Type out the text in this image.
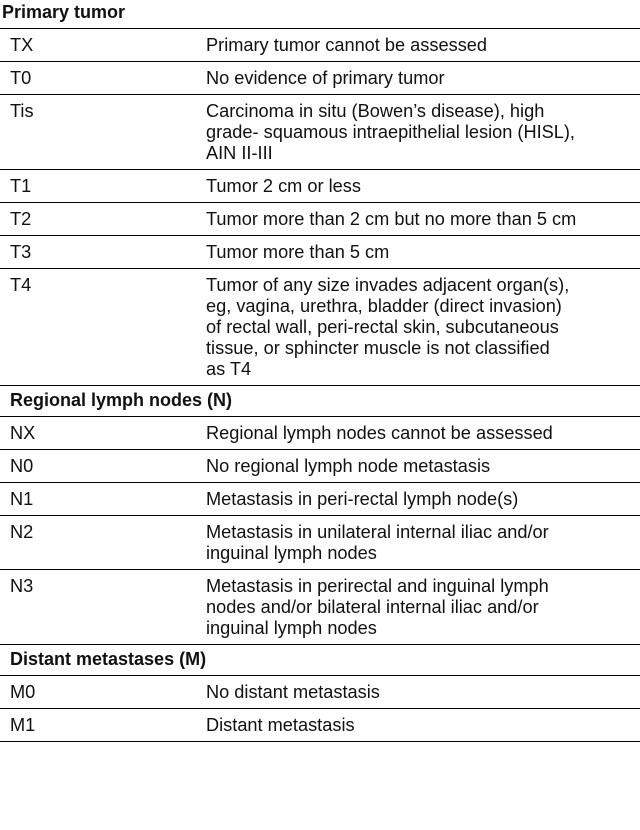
Primary tumor	
TX	Primary tumor cannot be assessed
T0	No evidence of primary tumor
Tis	Carcinoma in situ (Bowen’s disease), high
grade- squamous intraepithelial lesion (HISL),
AIN II-III
T1	Tumor 2 cm or less
T2	Tumor more than 2 cm but no more than 5 cm
T3	Tumor more than 5 cm
T4	Tumor of any size invades adjacent organ(s),
eg, vagina, urethra, bladder (direct invasion)
of rectal wall, peri-rectal skin, subcutaneous
tissue, or sphincter muscle is not classified
as T4
Regional lymph nodes (N)	
NX	Regional lymph nodes cannot be assessed
N0	No regional lymph node metastasis
N1	Metastasis in peri-rectal lymph node(s)
N2	Metastasis in unilateral internal iliac and/or
inguinal lymph nodes
N3	Metastasis in perirectal and inguinal lymph
nodes and/or bilateral internal iliac and/or
inguinal lymph nodes
Distant metastases (M)	
M0	No distant metastasis
M1	Distant metastasis
